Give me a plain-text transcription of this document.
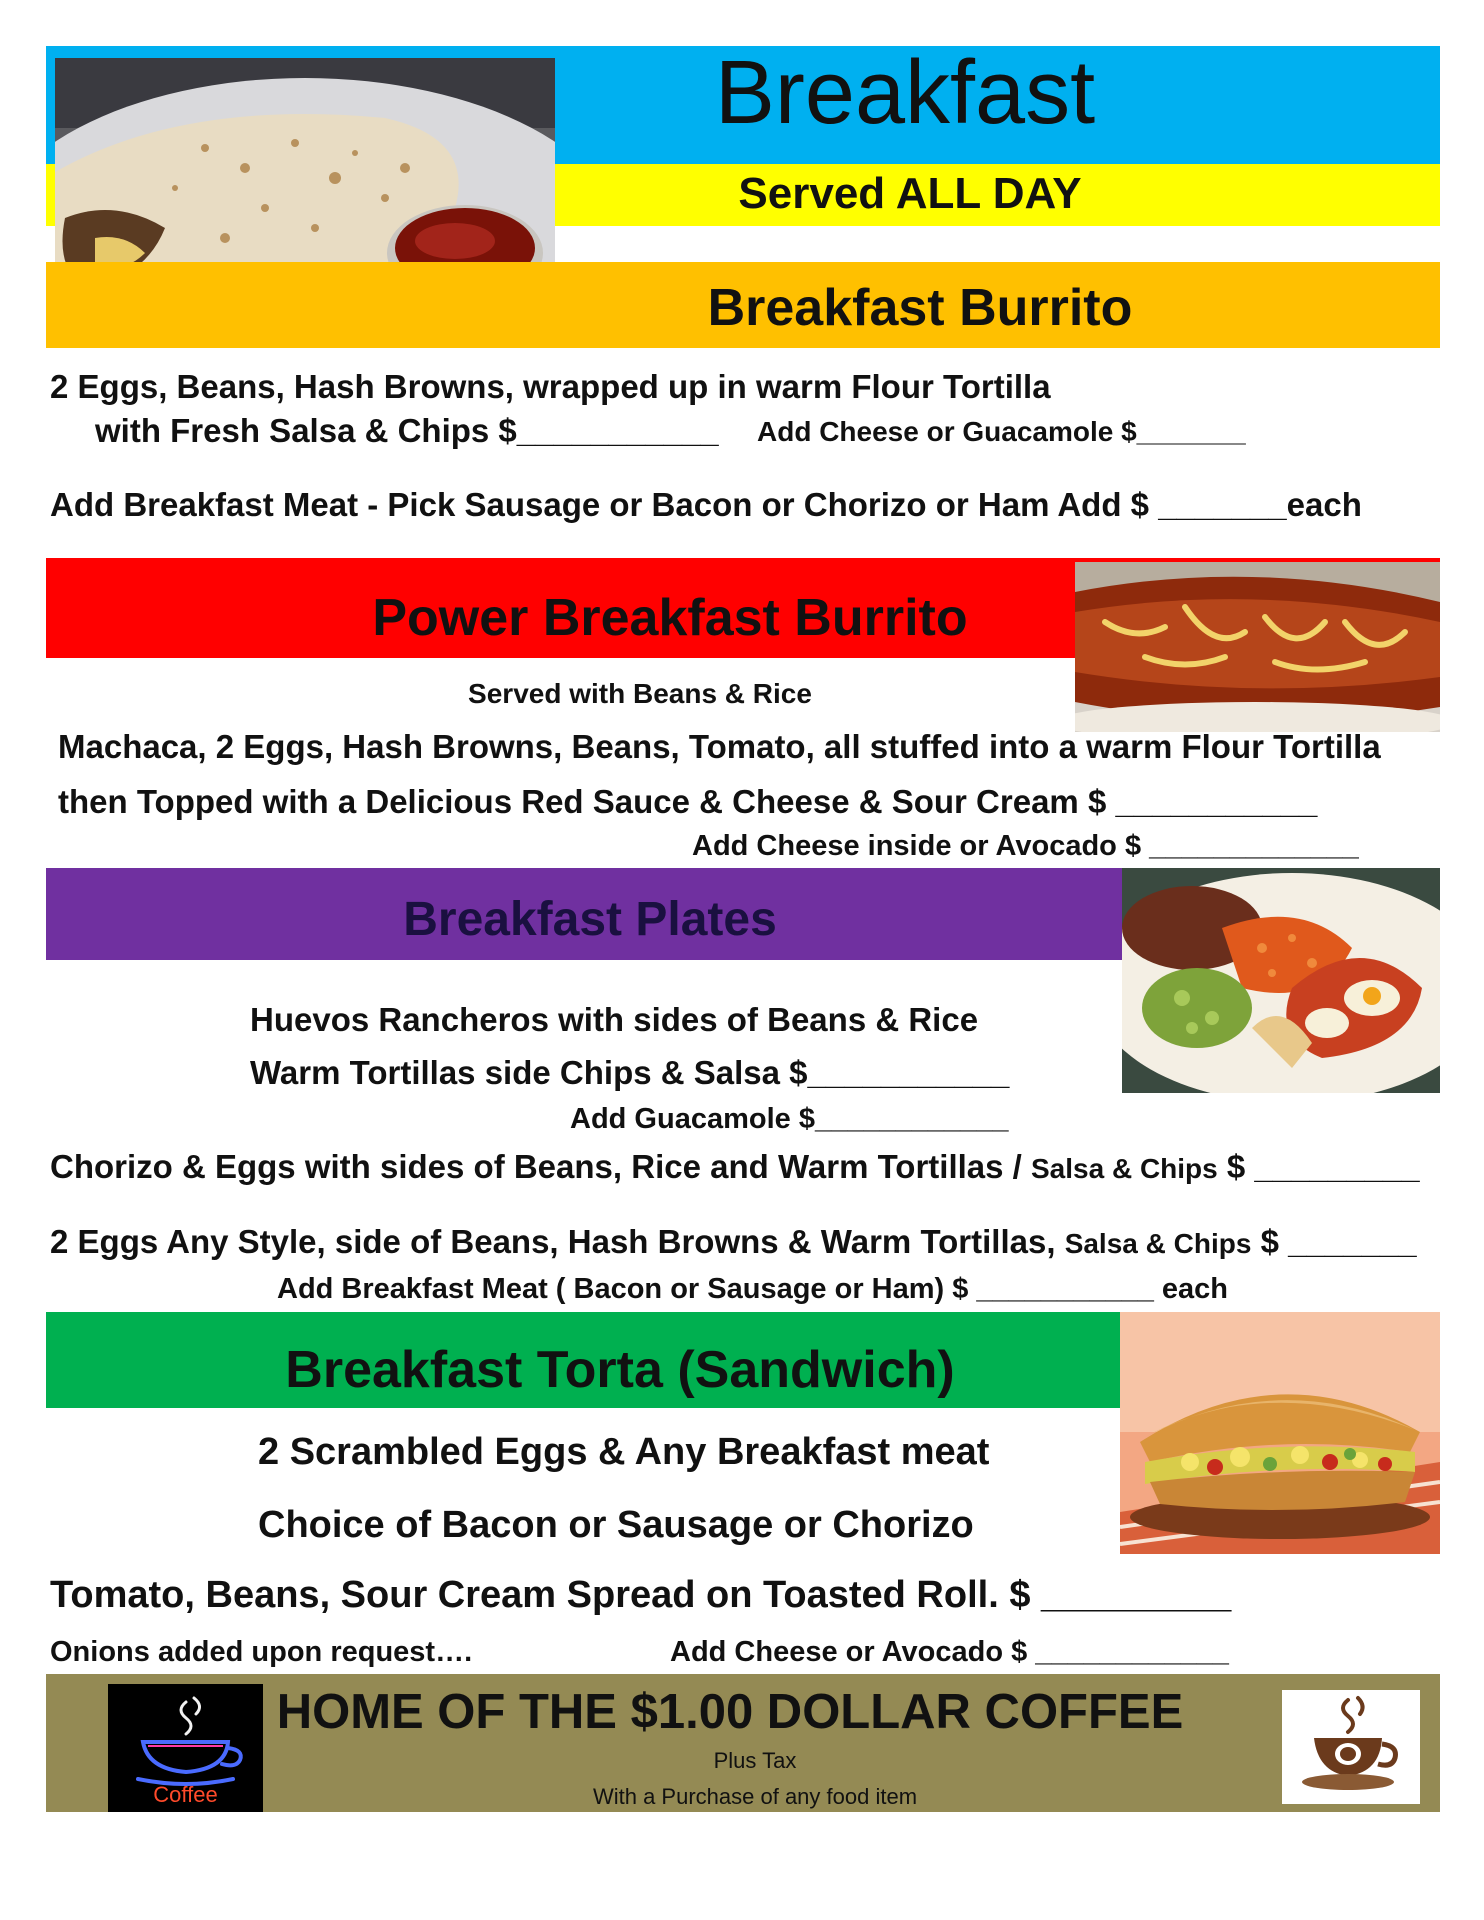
Breakfast
Served ALL DAY
Breakfast Burrito
2 Eggs, Beans, Hash Browns, wrapped up in warm Flour Tortilla
with Fresh Salsa & Chips $___________ Add Cheese or Guacamole $_______
Add Breakfast Meat - Pick Sausage or Bacon or Chorizo or Ham Add $ _______each
Power Breakfast Burrito
Served with Beans & Rice
Machaca, 2 Eggs, Hash Browns, Beans, Tomato, all stuffed into a warm Flour Tortilla
then Topped with a Delicious Red Sauce & Cheese & Sour Cream $ ___________
Add Cheese inside or Avocado $ _____________
Breakfast Plates
Huevos Rancheros with sides of Beans & Rice
Warm Tortillas side Chips & Salsa $___________
Add Guacamole $____________
Chorizo & Eggs with sides of Beans, Rice and Warm Tortillas / Salsa & Chips $ _________
2 Eggs Any Style, side of Beans, Hash Browns & Warm Tortillas, Salsa & Chips $ _______
Add Breakfast Meat ( Bacon or Sausage or Ham) $ ___________ each
Breakfast Torta (Sandwich)
2 Scrambled Eggs & Any Breakfast meat
Choice of Bacon or Sausage or Chorizo
Tomato, Beans, Sour Cream Spread on Toasted Roll. $ _________
Onions added upon request….	Add Cheese or Avocado $ ____________
Coffee
HOME OF THE $1.00 DOLLAR COFFEE
Plus Tax
With a Purchase of any food item
